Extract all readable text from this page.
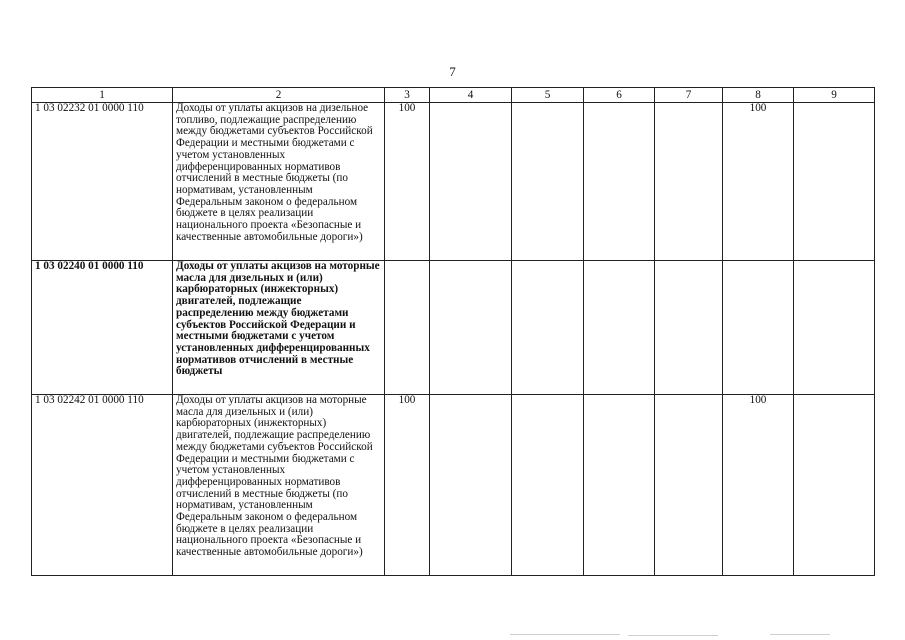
7
1	2	3	4	5	6	7	8	9
1 03 02232 01 0000 110	Доходы от уплаты акцизов на дизельное топливо, подлежащие распределению между бюджетами субъектов Российской Федерации и местными бюджетами с учетом установленных дифференцированных нормативов отчислений в местные бюджеты (по нормативам, установленным Федеральным законом о федеральном бюджете в целях реализации национального проекта «Безопасные и качественные автомобильные дороги»)	100					100	
1 03 02240 01 0000 110	Доходы от уплаты акцизов на моторные масла для дизельных и (или) карбюраторных (инжекторных) двигателей, подлежащие распределению между бюджетами субъектов Российской Федерации и местными бюджетами с учетом установленных дифференцированных нормативов отчислений в местные бюджеты							
1 03 02242 01 0000 110	Доходы от уплаты акцизов на моторные масла для дизельных и (или) карбюраторных (инжекторных) двигателей, подлежащие распределению между бюджетами субъектов Российской Федерации и местными бюджетами с учетом установленных дифференцированных нормативов отчислений в местные бюджеты (по нормативам, установленным Федеральным законом о федеральном бюджете в целях реализации национального проекта «Безопасные и качественные автомобильные дороги»)	100					100	
